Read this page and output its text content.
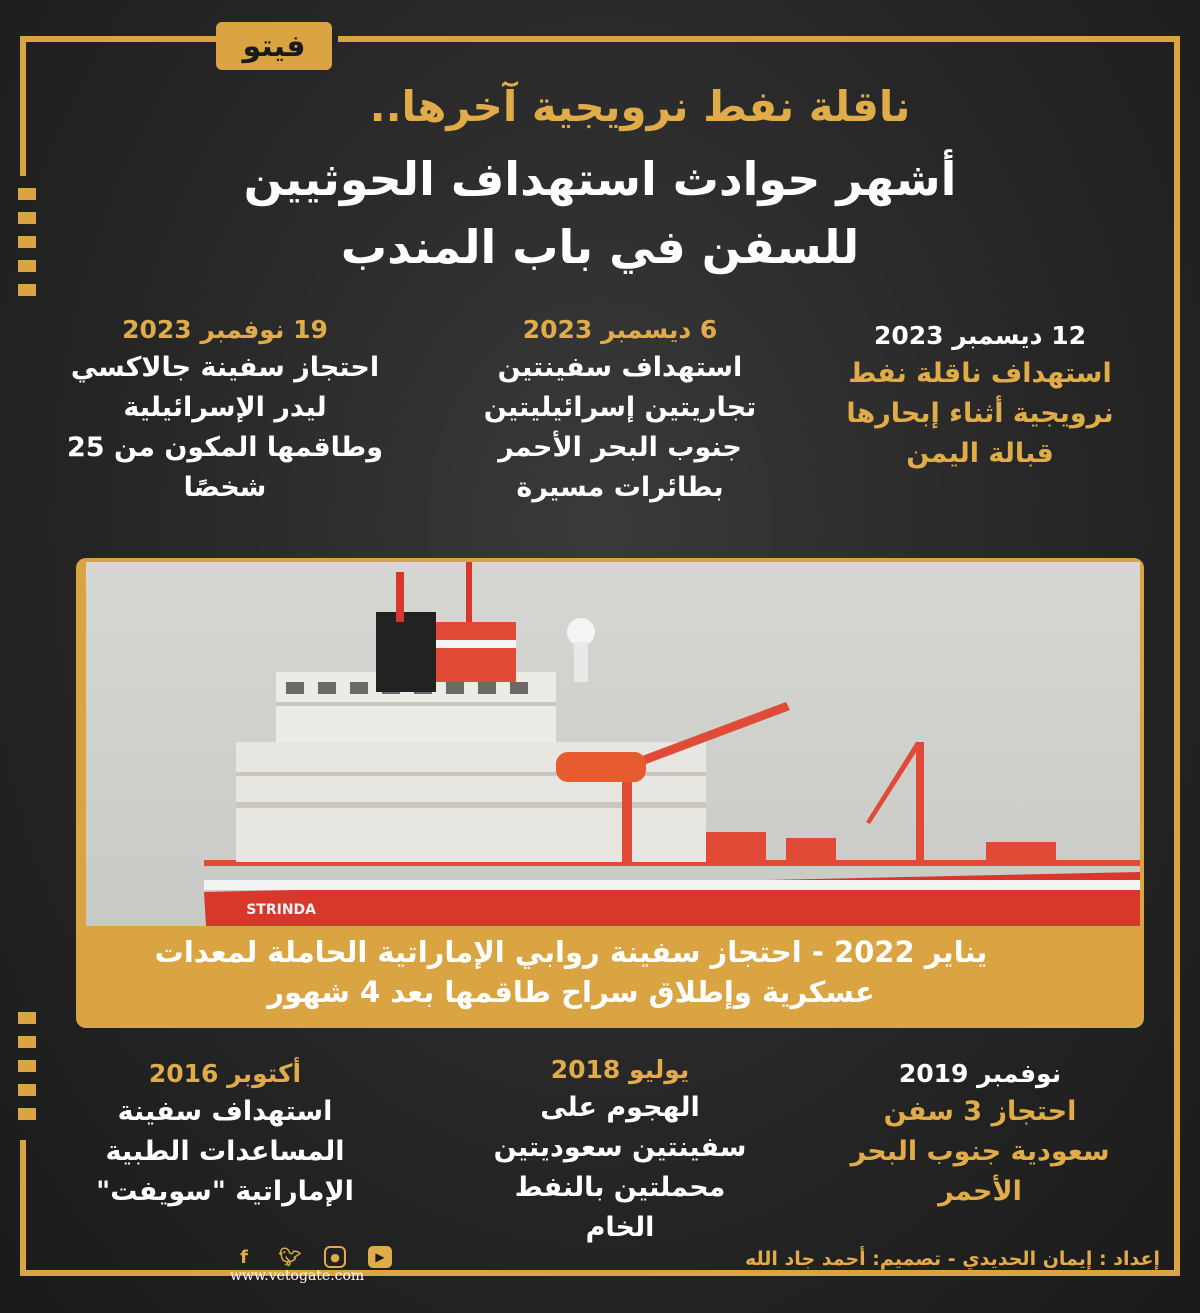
فيتو
ناقلة نفط نرويجية آخرها..
أشهر حوادث استهداف الحوثيين
للسفن في باب المندب
12 ديسمبر 2023
استهداف ناقلة نفط
نرويجية أثناء إبحارها
قبالة اليمن
6 ديسمبر 2023
استهداف سفينتين
تجاريتين إسرائيليتين
جنوب البحر الأحمر
بطائرات مسيرة
19 نوفمبر 2023
احتجاز سفينة جالاكسي
ليدر الإسرائيلية
وطاقمها المكون من 25
شخصًا
STRINDA
يناير 2022 - احتجاز سفينة روابي الإماراتية الحاملة لمعدات
عسكرية وإطلاق سراح طاقمها بعد 4 شهور
نوفمبر 2019
احتجاز 3 سفن
سعودية جنوب البحر
الأحمر
يوليو 2018
الهجوم على
سفينتين سعوديتين
محملتين بالنفط
الخام
أكتوبر 2016
استهداف سفينة
المساعدات الطبية
الإماراتية "سويفت"
إعداد : إيمان الحديدي - تصميم: أحمد جاد الله
f	🐦︎	●	▶
www.vetogate.com
